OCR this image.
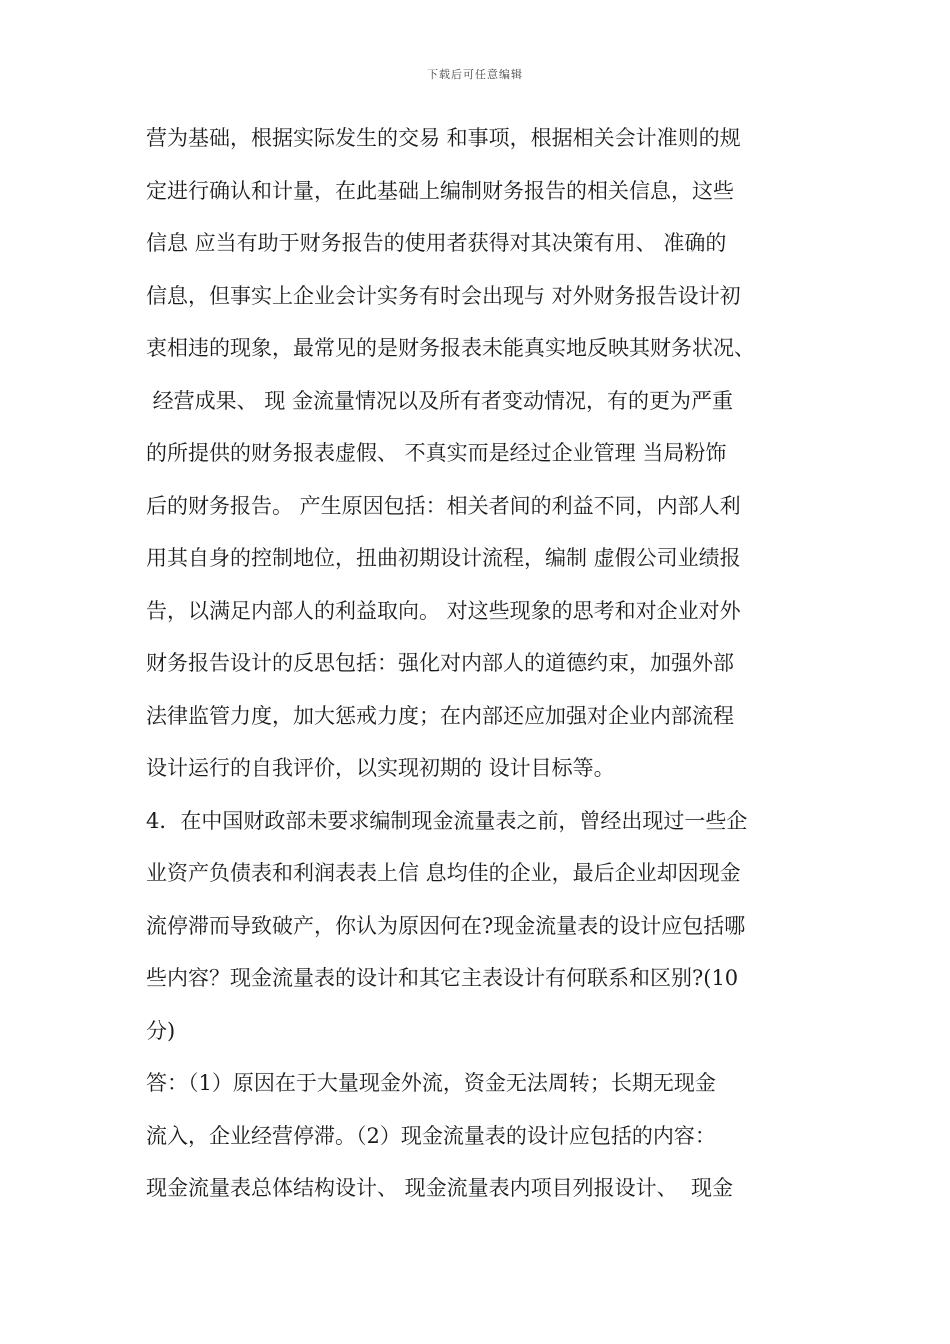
下载后可任意编辑
营为基础，根据实际发生的交易 和事项，根据相关会计准则的规
定进行确认和计量，在此基础上编制财务报告的相关信息，这些
信息 应当有助于财务报告的使用者获得对其决策有用、 准确的
信息，但事实上企业会计实务有时会出现与 对外财务报告设计初
衷相违的现象，最常见的是财务报表未能真实地反映其财务状况、
经营成果、 现 金流量情况以及所有者变动情况，有的更为严重
的所提供的财务报表虚假、 不真实而是经过企业管理 当局粉饰
后的财务报告。 产生原因包括：相关者间的利益不同，内部人利
用其自身的控制地位，扭曲初期设计流程，编制 虚假公司业绩报
告，以满足内部人的利益取向。 对这些现象的思考和对企业对外
财务报告设计的反思包括：强化对内部人的道德约束，加强外部
法律监管力度，加大惩戒力度；在内部还应加强对企业内部流程
设计运行的自我评价，以实现初期的 设计目标等。
4．在中国财政部未要求编制现金流量表之前，曾经出现过一些企
业资产负债表和利润表表上信 息均佳的企业，最后企业却因现金
流停滞而导致破产，你认为原因何在?现金流量表的设计应包括哪
些内容？现金流量表的设计和其它主表设计有何联系和区别?(10
分)
答：（1）原因在于大量现金外流，资金无法周转；长期无现金
流入，企业经营停滞。（2）现金流量表的设计应包括的内容：
现金流量表总体结构设计、 现金流量表内项目列报设计、  现金
